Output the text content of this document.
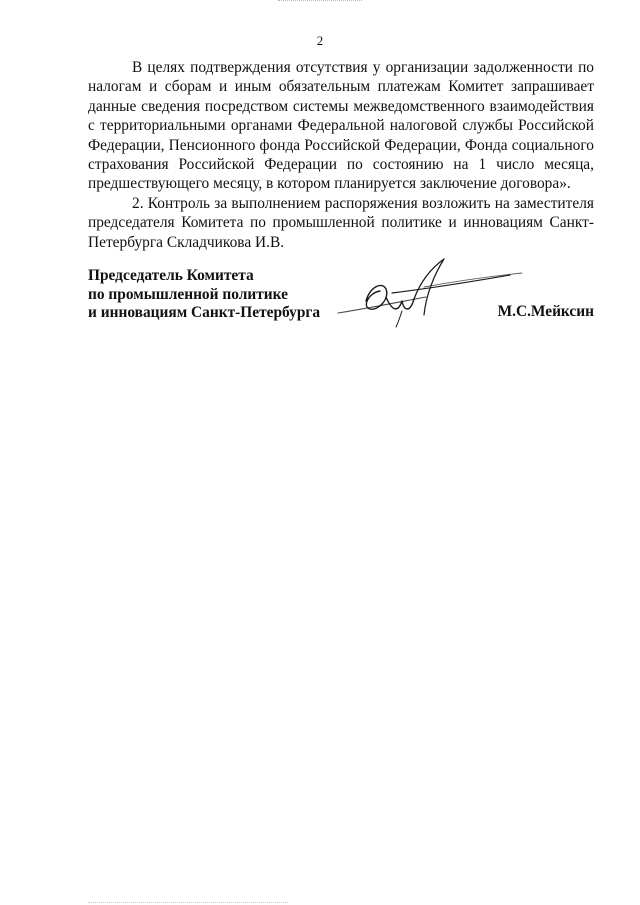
2

В целях подтверждения отсутствия у организации задолженности по налогам и сборам и иным обязательным платежам Комитет запрашивает данные сведения посредством системы межведомственного взаимодействия с территориальными органами Федеральной налоговой службы Российской Федерации, Пенсионного фонда Российской Федерации, Фонда социального страхования Российской Федерации по состоянию на 1 число месяца, предшествующего месяцу, в котором планируется заключение договора».

2. Контроль за выполнением распоряжения возложить на заместителя председателя Комитета по промышленной политике и инновациям Санкт-Петербурга Складчикова И.В.

Председатель Комитета
по промышленной политике
и инновациям Санкт-Петербурга	М.С.Мейксин
